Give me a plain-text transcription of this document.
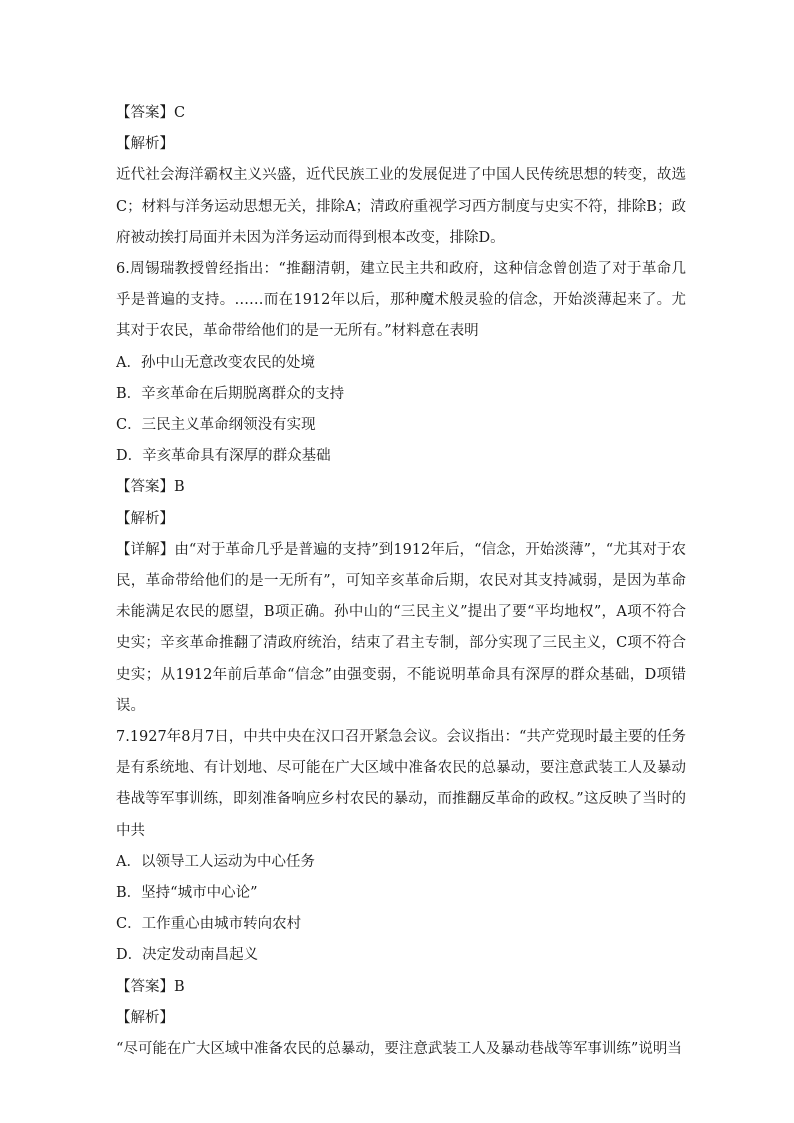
【答案】C
【解析】
近代社会海洋霸权主义兴盛，近代民族工业的发展促进了中国人民传统思想的转变，故选C；材料与洋务运动思想无关，排除A；清政府重视学习西方制度与史实不符，排除B；政府被动挨打局面并未因为洋务运动而得到根本改变，排除D。
6.周锡瑞教授曾经指出：“推翻清朝，建立民主共和政府，这种信念曾创造了对于革命几乎是普遍的支持。……而在1912年以后，那种魔术般灵验的信念，开始淡薄起来了。尤其对于农民，革命带给他们的是一无所有。”材料意在表明
A．孙中山无意改变农民的处境
B．辛亥革命在后期脱离群众的支持
C．三民主义革命纲领没有实现
D．辛亥革命具有深厚的群众基础
【答案】B
【解析】
【详解】由“对于革命几乎是普遍的支持”到1912年后，“信念，开始淡薄”，“尤其对于农民，革命带给他们的是一无所有”，可知辛亥革命后期，农民对其支持减弱，是因为革命未能满足农民的愿望，B项正确。孙中山的“三民主义”提出了要“平均地权”，A项不符合史实；辛亥革命推翻了清政府统治，结束了君主专制，部分实现了三民主义，C项不符合史实；从1912年前后革命“信念”由强变弱，不能说明革命具有深厚的群众基础，D项错误。
7.1927年8月7日，中共中央在汉口召开紧急会议。会议指出：“共产党现时最主要的任务是有系统地、有计划地、尽可能在广大区域中准备农民的总暴动，要注意武装工人及暴动巷战等军事训练，即刻准备响应乡村农民的暴动，而推翻反革命的政权。”这反映了当时的中共
A．以领导工人运动为中心任务
B．坚持“城市中心论”
C．工作重心由城市转向农村
D．决定发动南昌起义
【答案】B
【解析】
“尽可能在广大区域中准备农民的总暴动，要注意武装工人及暴动巷战等军事训练”说明当
